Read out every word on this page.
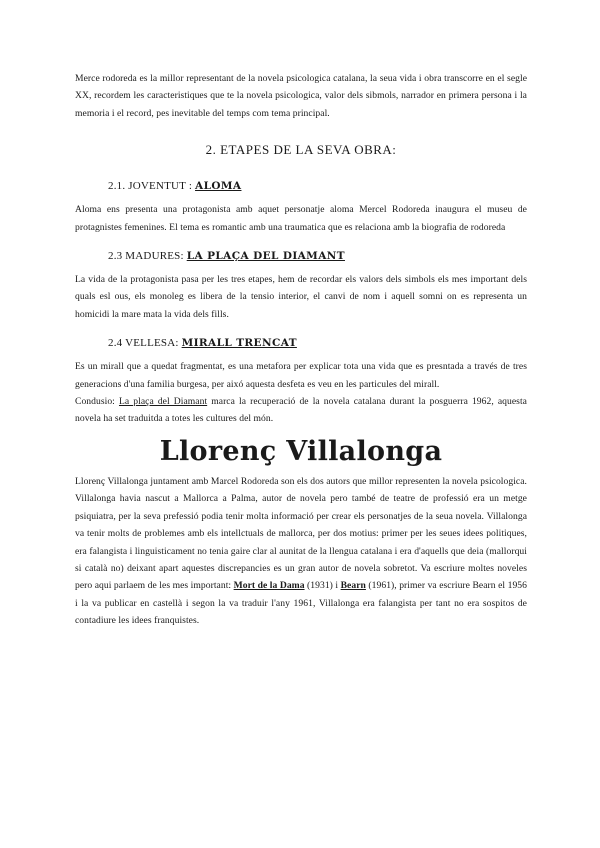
Merce rodoreda es la millor representant de la novela psicologica catalana, la seua vida i obra transcorre en el segle XX, recordem les caracteristiques que te la novela psicologica, valor dels sibmols, narrador en primera persona i la memoria i el record, pes inevitable del temps com tema principal.

2. ETAPES DE LA SEVA OBRA:
2.1. JOVENTUT : ALOMA

Aloma ens presenta una protagonista amb aquet personatje aloma Mercel Rodoreda inaugura el museu de protagnistes femenines. El tema es romantic amb una traumatica que es relaciona amb la biografia de rodoreda

2.3 MADURES: LA PLAÇA DEL DIAMANT

La vida de la protagonista pasa per les tres etapes, hem de recordar els valors dels simbols els mes important dels quals esl ous, els monoleg es libera de la tensio interior, el canvi de nom i aquell somni on es representa un homicidi la mare mata la vida dels fills.

2.4 VELLESA: MIRALL TRENCAT

Es un mirall que a quedat fragmentat, es una metafora per explicar tota una vida que es presntada a través de tres generacions d'una familia burgesa, per aixó aquesta desfeta es veu en les particules del mirall.

Condusio: La plaça del Diamant marca la recuperació de la novela catalana durant la posguerra 1962, aquesta novela ha set traduitda a totes les cultures del món.

Llorenç Villalonga

Llorenç Villalonga juntament amb Marcel Rodoreda son els dos autors que millor representen la novela psicologica. Villalonga havia nascut a Mallorca a Palma, autor de novela pero també de teatre de professió era un metge psiquiatra, per la seva prefessió podia tenir molta informació per crear els personatjes de la seua novela. Villalonga va tenir molts de problemes amb els intellctuals de mallorca, per dos motius: primer per les seues idees politiques, era falangista i linguisticament no tenia gaire clar al aunitat de la llengua catalana i era d'aquells que deia (mallorqui si català no) deixant apart aquestes discrepancies es un gran autor de novela sobretot. Va escriure moltes noveles pero aqui parlaem de les mes important: Mort de la Dama (1931) i Bearn (1961), primer va escriure Bearn el 1956 i la va publicar en castellà i segon la va traduir l'any 1961, Villalonga era falangista per tant no era sospitos de contadiure les idees franquistes.
